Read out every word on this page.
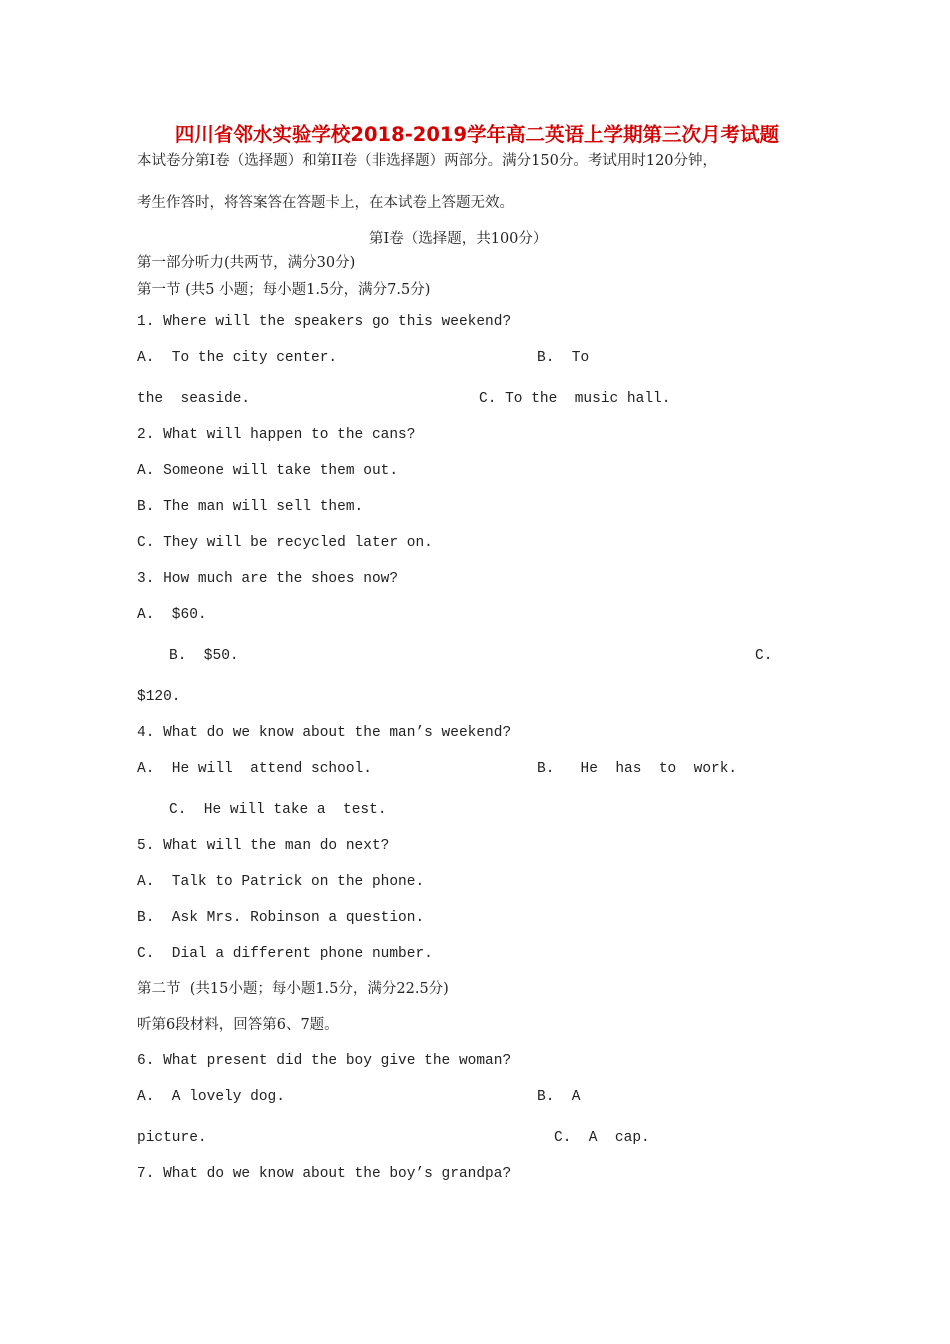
四川省邻水实验学校2018-2019学年高二英语上学期第三次月考试题
本试卷分第Ⅰ卷（选择题）和第II卷（非选择题）两部分。满分150分。考试用时120分钟，
考生作答时，将答案答在答题卡上，在本试卷上答题无效。
第Ⅰ卷（选择题，共100分）
第一部分听力(共两节，满分30分)
第一节 (共5 小题；每小题1.5分，满分7.5分)
1. Where will the speakers go this weekend?
A.  To the city center.	B.  To
the  seaside.	C. To the  music hall.
2. What will happen to the cans?
A. Someone will take them out.
B. The man will sell them.
C. They will be recycled later on.
3. How much are the shoes now?
A.  $60.
B.  $50.	C.
$120.
4. What do we know about the man’s weekend?
A.  He will  attend school.	B.   He  has  to  work.
C.  He will take a  test.
5. What will the man do next?
A.  Talk to Patrick on the phone.
B.  Ask Mrs. Robinson a question.
C.  Dial a different phone number.
第二节  (共15小题；每小题1.5分，满分22.5分)
听第6段材料，回答第6、7题。
6. What present did the boy give the woman?
A.  A lovely dog.	B.  A
picture.	C.  A  cap.
7. What do we know about the boy’s grandpa?
